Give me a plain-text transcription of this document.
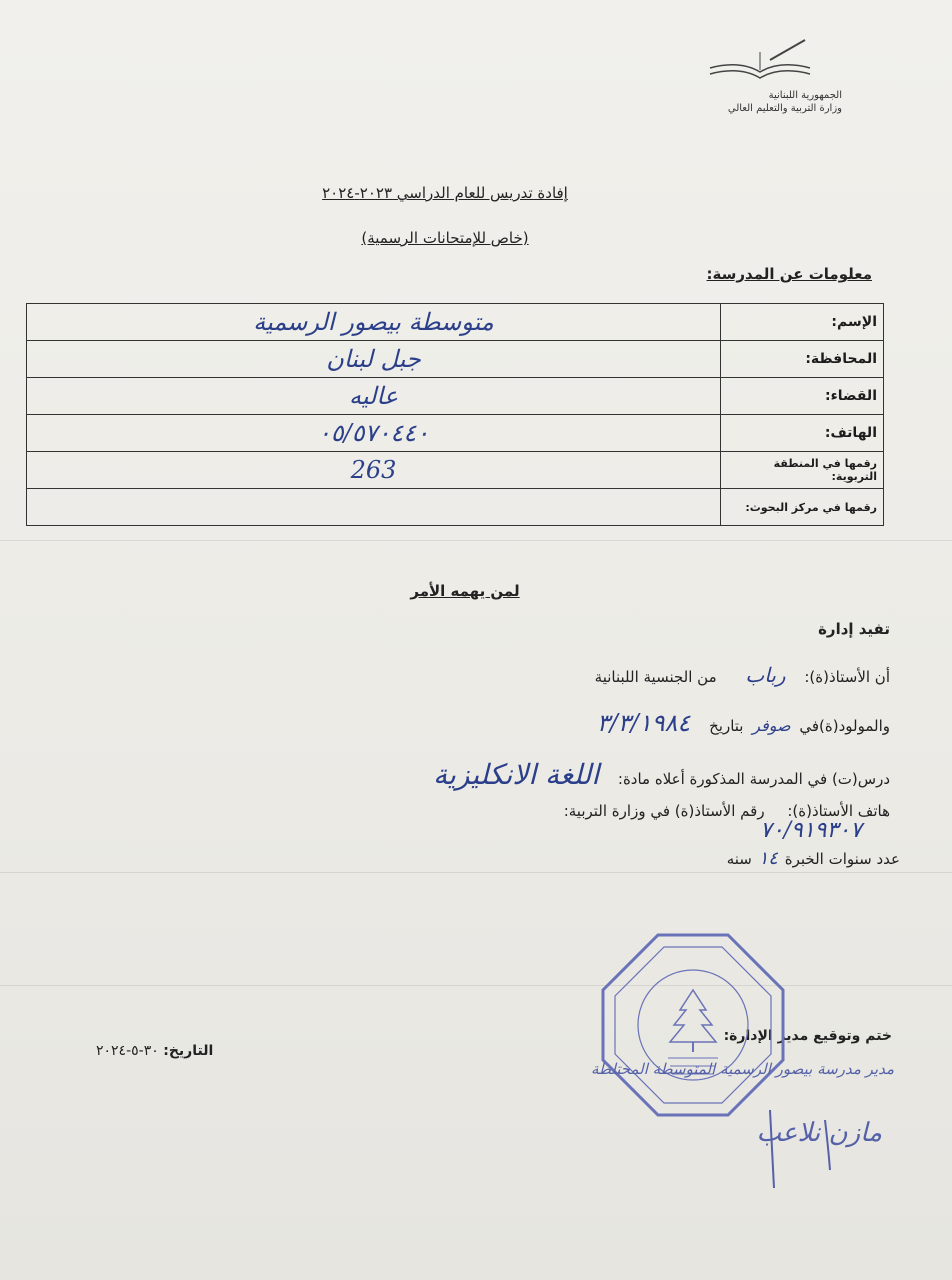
الجمهورية اللبنانية
وزارة التربية والتعليم العالي
إفادة تدريس للعام الدراسي ٢٠٢٣-٢٠٢٤
(خاص للإمتحانات الرسمية)
معلومات عن المدرسة:
الإسم:	متوسطة بيصور الرسمية
المحافظة:	جبل لبنان
القضاء:	عاليه
الهاتف:	٠٥/٥٧٠٤٤٠
رقمها في المنطقة التربوية:	263
رقمها في مركز البحوث:	
لمن يهمه الأمر
تفيد إدارة
أن الأستاذ(ة): رباب من الجنسية اللبنانية
والمولود(ة)في صوفر بتاريخ ٣/٣/١٩٨٤
درس(ت) في المدرسة المذكورة أعلاه مادة: اللغة الانكليزية
هاتف الأستاذ(ة): رقم الأستاذ(ة) في وزارة التربية:
٧٠/٩١٩٣٠٧
عدد سنوات الخبرة ١٤ سنه
ختم وتوقيع مدير الإدارة:
التاريخ: ٣٠-٥-٢٠٢٤
مدير مدرسة بيصور الرسمية المتوسطة المختلطة
مازن نلاعب
